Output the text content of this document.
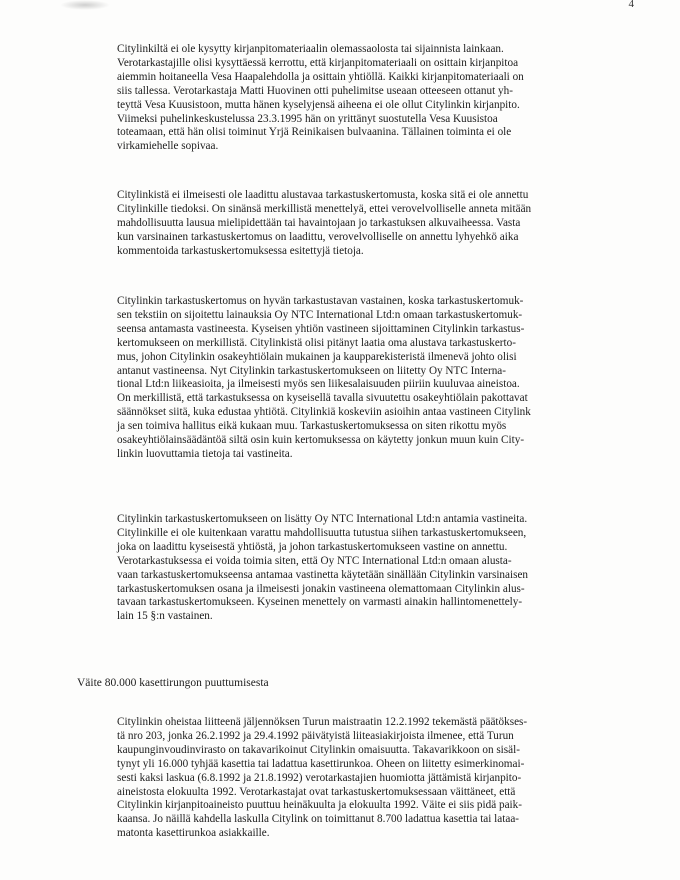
4
Citylinkiltä ei ole kysytty kirjanpitomateriaalin olemassaolosta tai sijainnista lainkaan.
Verotarkastajille olisi kysyttäessä kerrottu, että kirjanpitomateriaali on osittain kirjanpitoa
aiemmin hoitaneella Vesa Haapalehdolla ja osittain yhtiöllä. Kaikki kirjanpitomateriaali on
siis tallessa. Verotarkastaja Matti Huovinen otti puhelimitse useaan otteeseen ottanut yh-
teyttä Vesa Kuusistoon, mutta hänen kyselyjensä aiheena ei ole ollut Citylinkin kirjanpito.
Viimeksi puhelinkeskustelussa 23.3.1995 hän on yrittänyt suostutella Vesa Kuusistoa
toteamaan, että hän olisi toiminut Yrjä Reinikaisen bulvaanina. Tällainen toiminta ei ole
virkamiehelle sopivaa.
Citylinkistä ei ilmeisesti ole laadittu alustavaa tarkastuskertomusta, koska sitä ei ole annettu
Citylinkille tiedoksi. On sinänsä merkillistä menettelyä, ettei verovelvolliselle anneta mitään
mahdollisuutta lausua mielipidettään tai havaintojaan jo tarkastuksen alkuvaiheessa. Vasta
kun varsinainen tarkastuskertomus on laadittu, verovelvolliselle on annettu lyhyehkö aika
kommentoida tarkastuskertomuksessa esitettyjä tietoja.
Citylinkin tarkastuskertomus on hyvän tarkastustavan vastainen, koska tarkastuskertomuk-
sen tekstiin on sijoitettu lainauksia Oy NTC International Ltd:n omaan tarkastuskertomuk-
seensa antamasta vastineesta. Kyseisen yhtiön vastineen sijoittaminen Citylinkin tarkastus-
kertomukseen on merkillistä. Citylinkistä olisi pitänyt laatia oma alustava tarkastuskerto-
mus, johon Citylinkin osakeyhtiölain mukainen ja kaupparekisteristä ilmenevä johto olisi
antanut vastineensa. Nyt Citylinkin tarkastuskertomukseen on liitetty Oy NTC Interna-
tional Ltd:n liikeasioita, ja ilmeisesti myös sen liikesalaisuuden piiriin kuuluvaa aineistoa.
On merkillistä, että tarkastuksessa on kyseisellä tavalla sivuutettu osakeyhtiölain pakottavat
säännökset siitä, kuka edustaa yhtiötä. Citylinkiä koskeviin asioihin antaa vastineen Citylink
ja sen toimiva hallitus eikä kukaan muu. Tarkastuskertomuksessa on siten rikottu myös
osakeyhtiölainsäädäntöä siltä osin kuin kertomuksessa on käytetty jonkun muun kuin City-
linkin luovuttamia tietoja tai vastineita.
Citylinkin tarkastuskertomukseen on lisätty Oy NTC International Ltd:n antamia vastineita.
Citylinkille ei ole kuitenkaan varattu mahdollisuutta tutustua siihen tarkastuskertomukseen,
joka on laadittu kyseisestä yhtiöstä, ja johon tarkastuskertomukseen vastine on annettu.
Verotarkastuksessa ei voida toimia siten, että Oy NTC International Ltd:n omaan alusta-
vaan tarkastuskertomukseensa antamaa vastinetta käytetään sinällään Citylinkin varsinaisen
tarkastuskertomuksen osana ja ilmeisesti jonakin vastineena olemattomaan Citylinkin alus-
tavaan tarkastuskertomukseen. Kyseinen menettely on varmasti ainakin hallintomenettely-
lain 15 §:n vastainen.
Väite 80.000 kasettirungon puuttumisesta
Citylinkin oheistaa liitteenä jäljennöksen Turun maistraatin 12.2.1992 tekemästä päätökses-
tä nro 203, jonka 26.2.1992 ja 29.4.1992 päivätyistä liiteasiakirjoista ilmenee, että Turun
kaupunginvoudinvirasto on takavarikoinut Citylinkin omaisuutta. Takavarikkoon on sisäl-
tynyt yli 16.000 tyhjää kasettia tai ladattua kasettirunkoa. Oheen on liitetty esimerkinomai-
sesti kaksi laskua (6.8.1992 ja 21.8.1992) verotarkastajien huomiotta jättämistä kirjanpito-
aineistosta elokuulta 1992. Verotarkastajat ovat tarkastuskertomuksessaan väittäneet, että
Citylinkin kirjanpitoaineisto puuttuu heinäkuulta ja elokuulta 1992. Väite ei siis pidä paik-
kaansa. Jo näillä kahdella laskulla Citylink on toimittanut 8.700 ladattua kasettia tai lataa-
matonta kasettirunkoa asiakkaille.
